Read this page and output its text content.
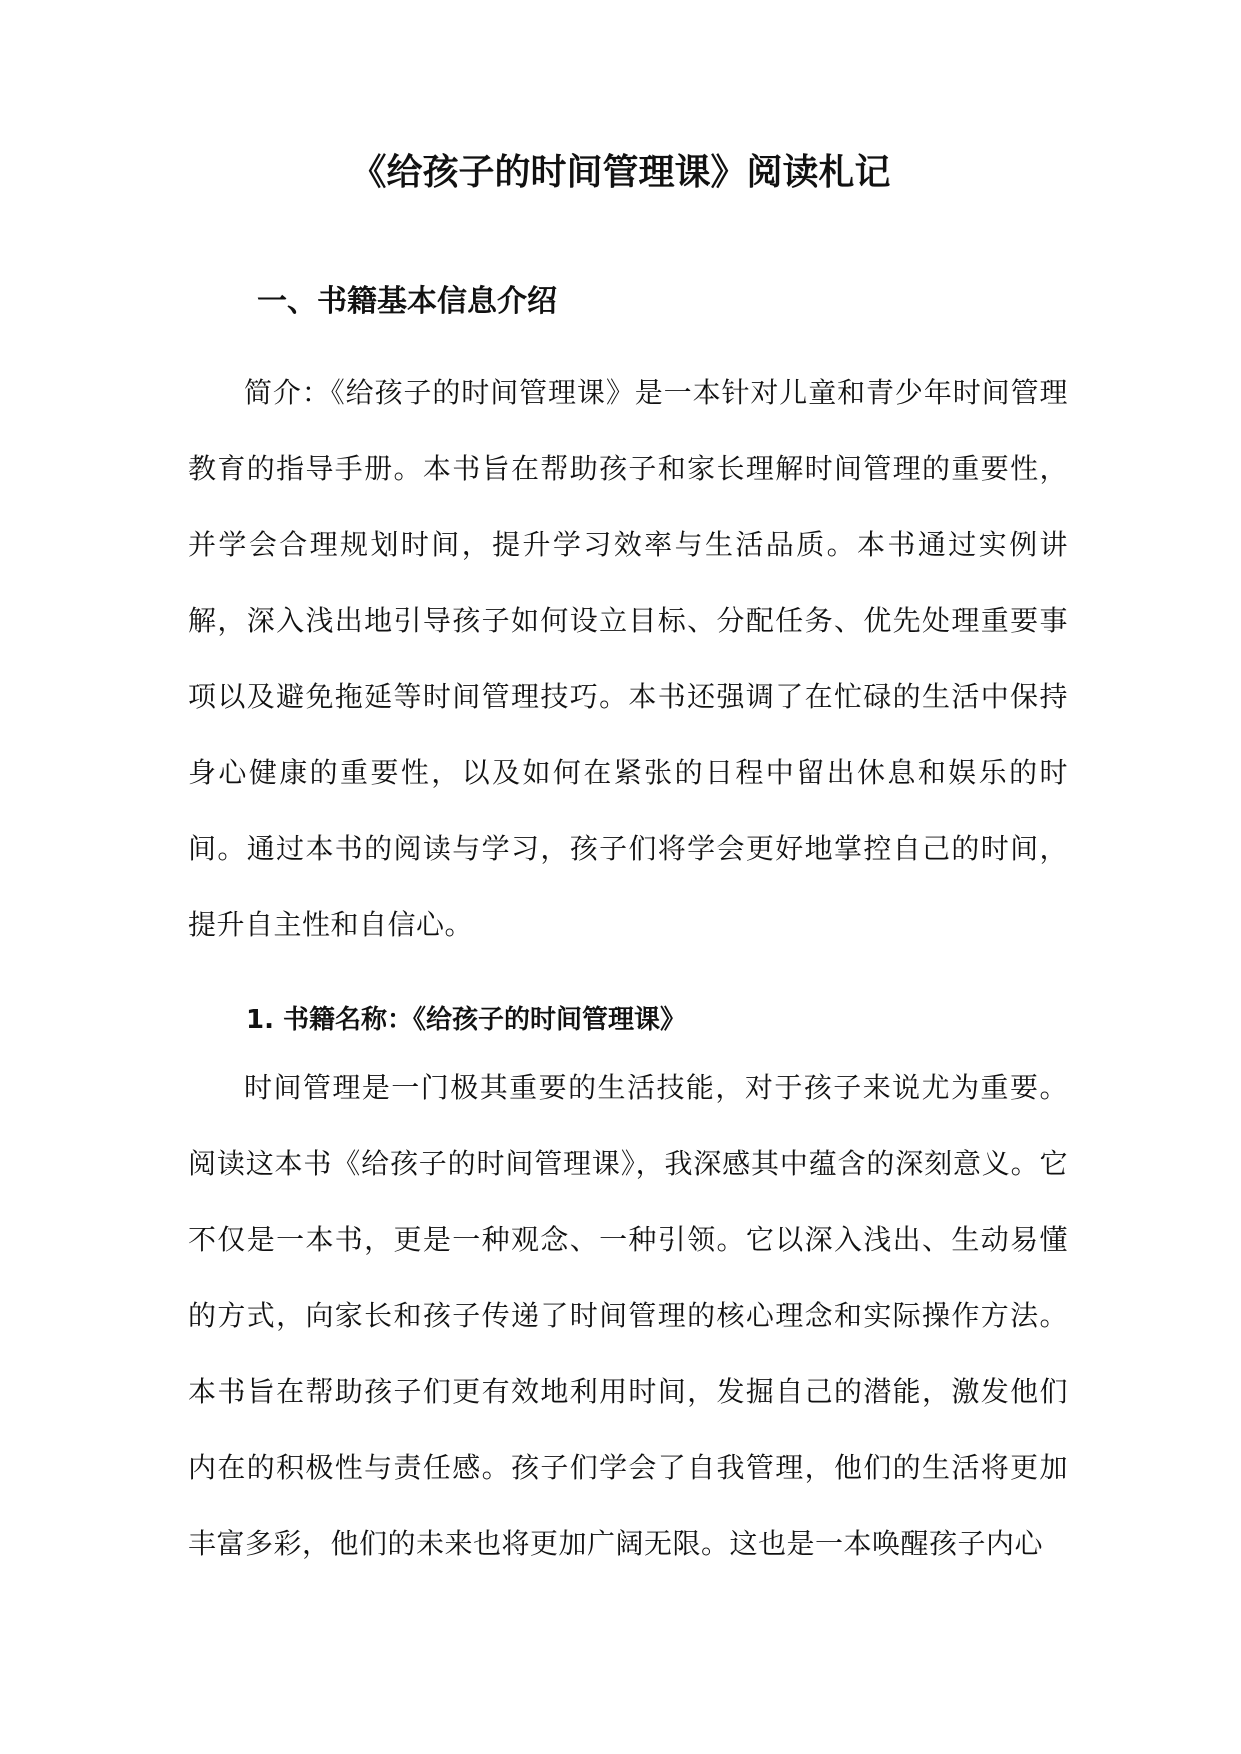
《给孩子的时间管理课》阅读札记
一、书籍基本信息介绍

简介：《给孩子的时间管理课》是一本针对儿童和青少年时间管理教育的指导手册。本书旨在帮助孩子和家长理解时间管理的重要性，并学会合理规划时间，提升学习效率与生活品质。本书通过实例讲解，深入浅出地引导孩子如何设立目标、分配任务、优先处理重要事项以及避免拖延等时间管理技巧。本书还强调了在忙碌的生活中保持身心健康的重要性，以及如何在紧张的日程中留出休息和娱乐的时间。通过本书的阅读与学习，孩子们将学会更好地掌控自己的时间，提升自主性和自信心。

1. 书籍名称：《给孩子的时间管理课》

时间管理是一门极其重要的生活技能，对于孩子来说尤为重要。阅读这本书《给孩子的时间管理课》，我深感其中蕴含的深刻意义。它不仅是一本书，更是一种观念、一种引领。它以深入浅出、生动易懂的方式，向家长和孩子传递了时间管理的核心理念和实际操作方法。本书旨在帮助孩子们更有效地利用时间，发掘自己的潜能，激发他们内在的积极性与责任感。孩子们学会了自我管理，他们的生活将更加丰富多彩，他们的未来也将更加广阔无限。这也是一本唤醒孩子内心
